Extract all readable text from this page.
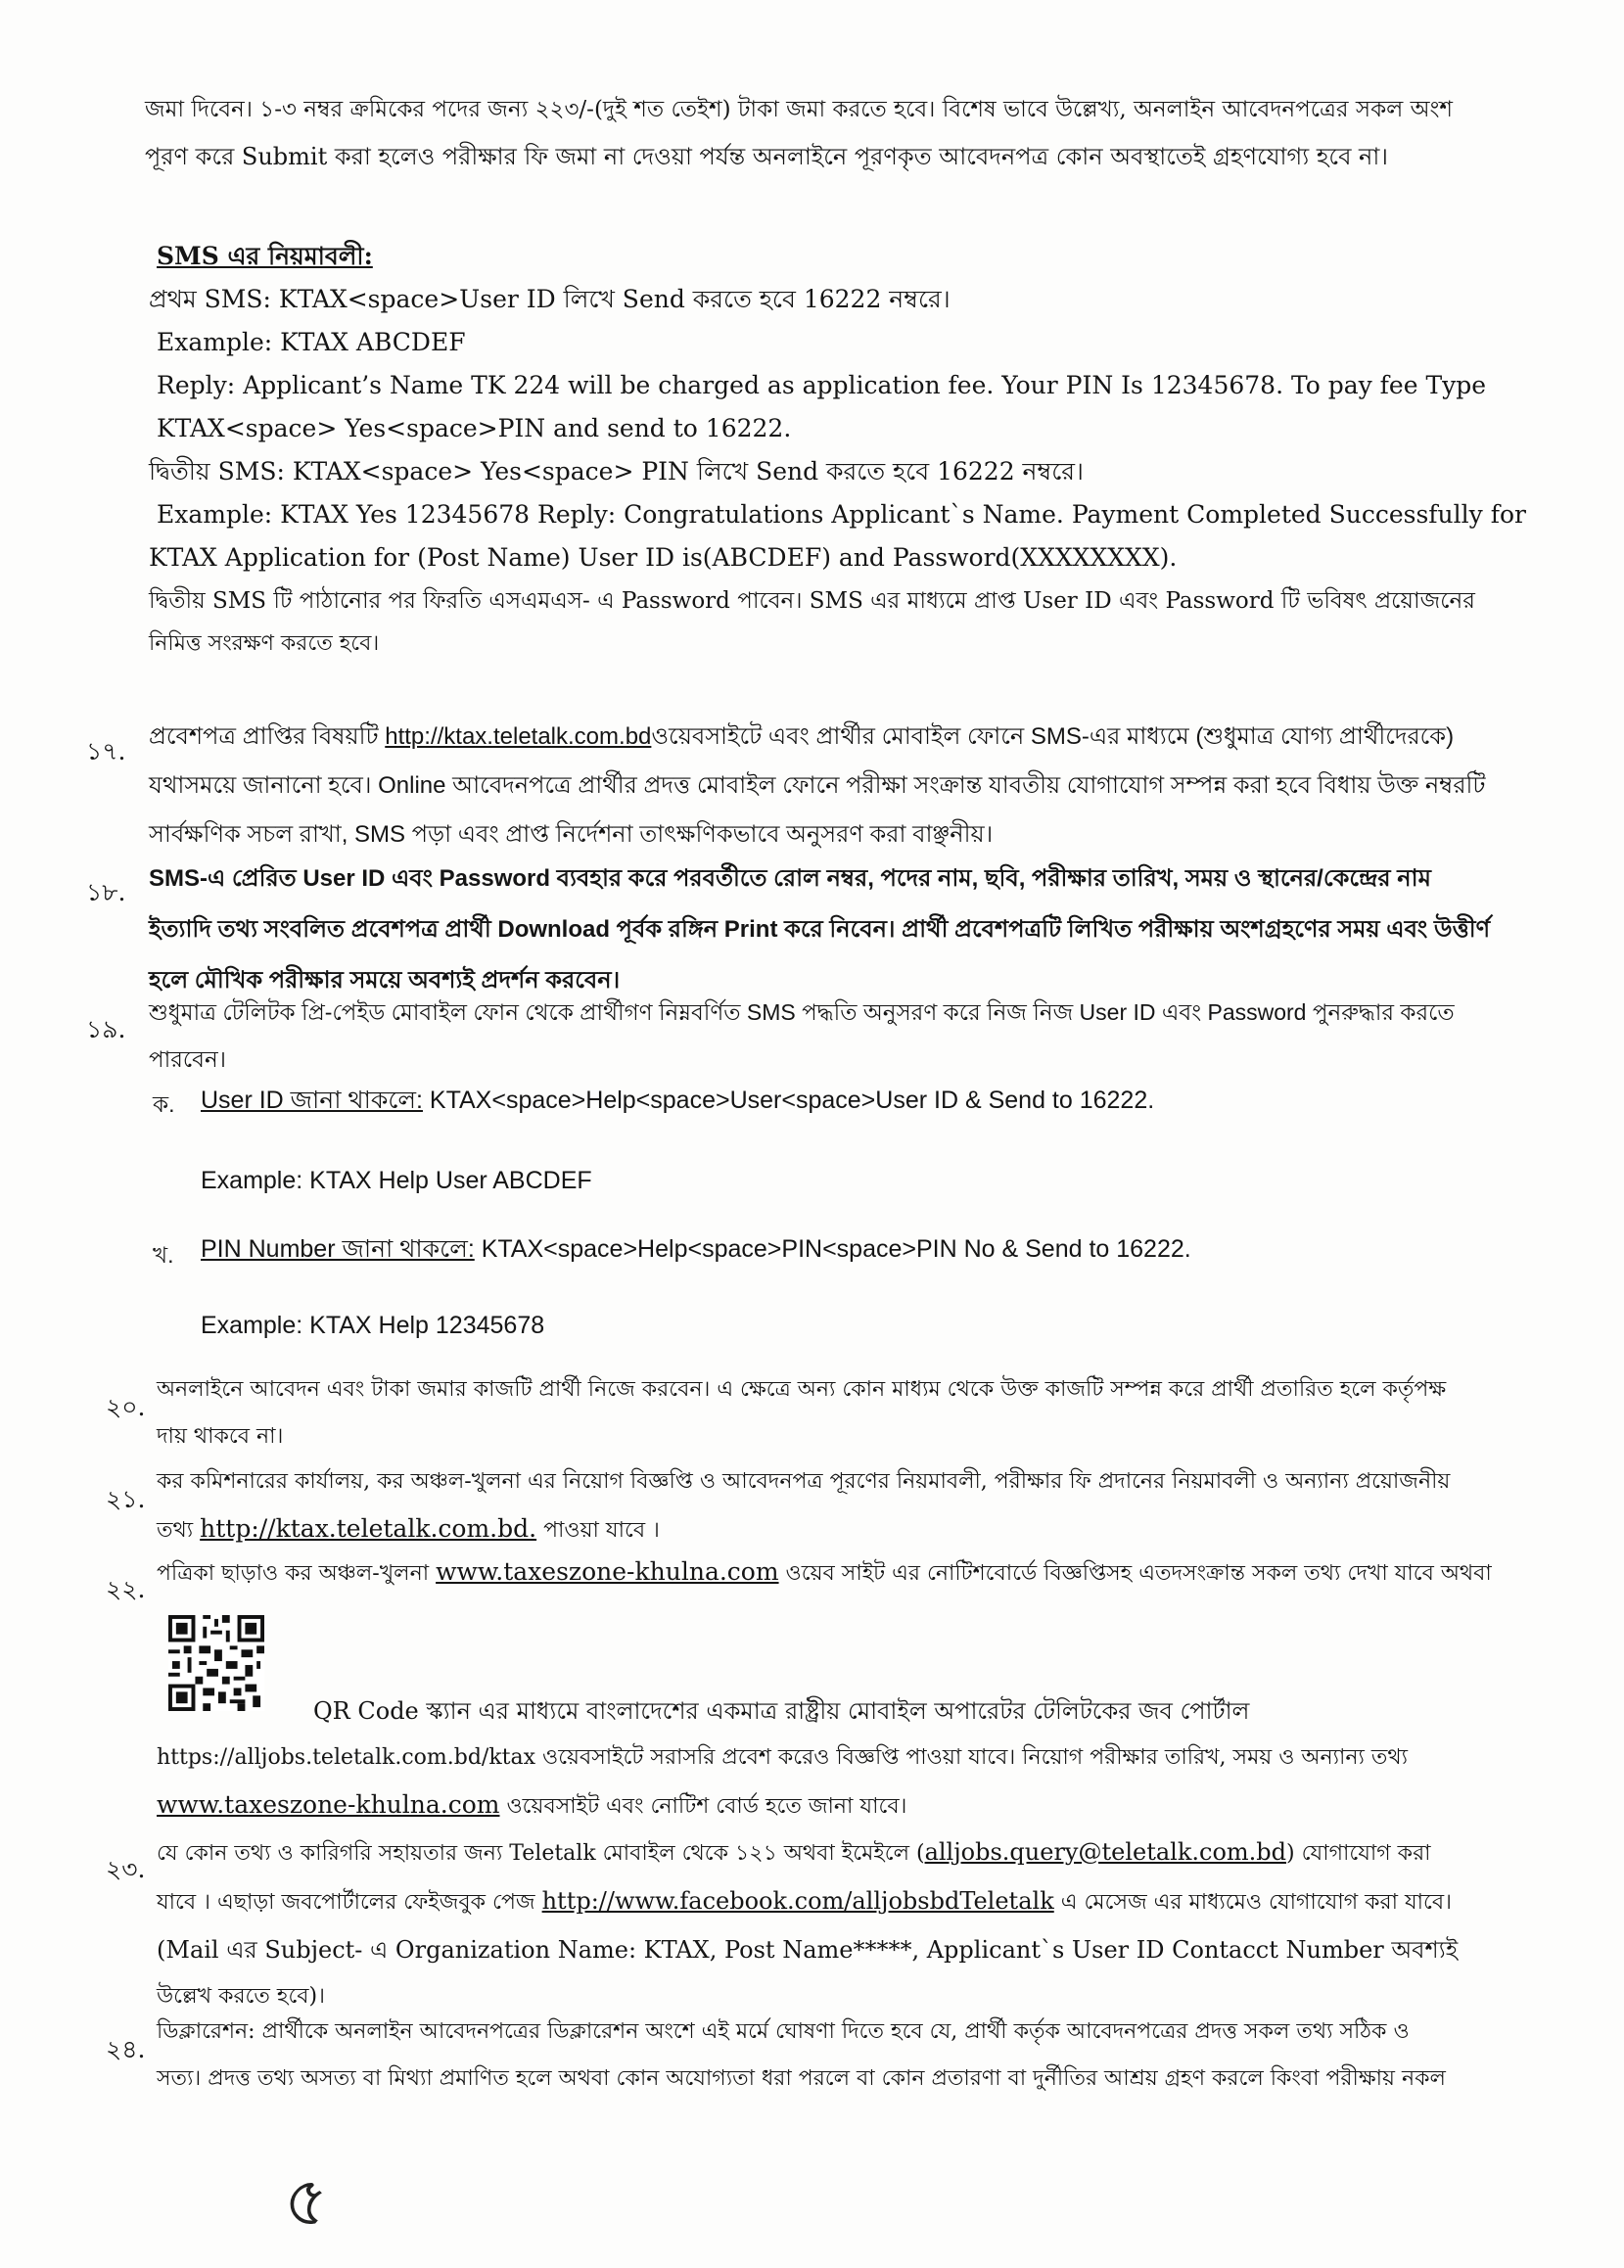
জমা দিবেন। ১-৩ নম্বর ক্রমিকের পদের জন্য ২২৩/-(দুই শত তেইশ) টাকা জমা করতে হবে। বিশেষ ভাবে উল্লেখ্য, অনলাইন আবেদনপত্রের সকল অংশ
পূরণ করে Submit করা হলেও পরীক্ষার ফি জমা না দেওয়া পর্যন্ত অনলাইনে পূরণকৃত আবেদনপত্র কোন অবস্থাতেই গ্রহণযোগ্য হবে না।
SMS এর নিয়মাবলী:
প্রথম SMS: KTAX<space>User ID লিখে Send করতে হবে 16222 নম্বরে।
Example: KTAX ABCDEF
Reply: Applicant’s Name TK 224 will be charged as application fee. Your PIN Is 12345678. To pay fee Type
KTAX<space> Yes<space>PIN and send to 16222.
দ্বিতীয় SMS: KTAX<space> Yes<space> PIN লিখে Send করতে হবে 16222 নম্বরে।
Example: KTAX Yes 12345678 Reply: Congratulations Applicant`s Name. Payment Completed Successfully for
KTAX Application for (Post Name) User ID is(ABCDEF) and Password(XXXXXXXX).
দ্বিতীয় SMS টি পাঠানোর পর ফিরতি এসএমএস- এ Password পাবেন। SMS এর মাধ্যমে প্রাপ্ত User ID এবং Password টি ভবিষৎ প্রয়োজনের
নিমিত্ত সংরক্ষণ করতে হবে।
১৭.
প্রবেশপত্র প্রাপ্তির বিষয়টি http://ktax.teletalk.com.bdওয়েবসাইটে এবং প্রার্থীর মোবাইল ফোনে SMS-এর মাধ্যমে (শুধুমাত্র যোগ্য প্রার্থীদেরকে)
যথাসময়ে জানানো হবে। Online আবেদনপত্রে প্রার্থীর প্রদত্ত মোবাইল ফোনে পরীক্ষা সংক্রান্ত যাবতীয় যোগাযোগ সম্পন্ন করা হবে বিধায় উক্ত নম্বরটি
সার্বক্ষণিক সচল রাখা, SMS পড়া এবং প্রাপ্ত নির্দেশনা তাৎক্ষণিকভাবে অনুসরণ করা বাঞ্ছনীয়।
১৮. SMS-এ প্রেরিত User ID এবং Password ব্যবহার করে পরবর্তীতে রোল নম্বর, পদের নাম, ছবি, পরীক্ষার তারিখ, সময় ও স্থানের/কেন্দ্রের নাম
ইত্যাদি তথ্য সংবলিত প্রবেশপত্র প্রার্থী Download পূর্বক রঙ্গিন Print করে নিবেন। প্রার্থী প্রবেশপত্রটি লিখিত পরীক্ষায় অংশগ্রহণের সময় এবং উত্তীর্ণ
হলে মৌখিক পরীক্ষার সময়ে অবশ্যই প্রদর্শন করবেন।
১৯.
শুধুমাত্র টেলিটক প্রি-পেইড মোবাইল ফোন থেকে প্রার্থীগণ নিম্নবর্ণিত SMS পদ্ধতি অনুসরণ করে নিজ নিজ User ID এবং Password পুনরুদ্ধার করতে
পারবেন।
ক. User ID জানা থাকলে: KTAX<space>Help<space>User<space>User ID & Send to 16222.
Example: KTAX Help User ABCDEF
খ. PIN Number জানা থাকলে: KTAX<space>Help<space>PIN<space>PIN No & Send to 16222.
Example: KTAX Help 12345678
২০.
অনলাইনে আবেদন এবং টাকা জমার কাজটি প্রার্থী নিজে করবেন। এ ক্ষেত্রে অন্য কোন মাধ্যম থেকে উক্ত কাজটি সম্পন্ন করে প্রার্থী প্রতারিত হলে কর্তৃপক্ষ
দায় থাকবে না।
২১.
কর কমিশনারের কার্যালয়, কর অঞ্চল-খুলনা এর নিয়োগ বিজ্ঞপ্তি ও আবেদনপত্র পূরণের নিয়মাবলী, পরীক্ষার ফি প্রদানের নিয়মাবলী ও অন্যান্য প্রয়োজনীয়
তথ্য http://ktax.teletalk.com.bd. পাওয়া যাবে ।
২২.
পত্রিকা ছাড়াও কর অঞ্চল-খুলনা www.taxeszone-khulna.com ওয়েব সাইট এর নোটিশবোর্ডে বিজ্ঞপ্তিসহ এতদসংক্রান্ত সকল তথ্য দেখা যাবে অথবা
QR Code স্ক্যান এর মাধ্যমে বাংলাদেশের একমাত্র রাষ্ট্রীয় মোবাইল অপারেটর টেলিটকের জব পোর্টাল
https://alljobs.teletalk.com.bd/ktax ওয়েবসাইটে সরাসরি প্রবেশ করেও বিজ্ঞপ্তি পাওয়া যাবে। নিয়োগ পরীক্ষার তারিখ, সময় ও অন্যান্য তথ্য
www.taxeszone-khulna.com ওয়েবসাইট এবং নোটিশ বোর্ড হতে জানা যাবে।
২৩.
যে কোন তথ্য ও কারিগরি সহায়তার জন্য Teletalk মোবাইল থেকে ১২১ অথবা ইমেইলে (alljobs.query@teletalk.com.bd) যোগাযোগ করা
যাবে । এছাড়া জবপোর্টালের ফেইজবুক পেজ http://www.facebook.com/alljobsbdTeletalk এ মেসেজ এর মাধ্যমেও যোগাযোগ করা যাবে।
(Mail এর Subject- এ Organization Name: KTAX, Post Name*****, Applicant`s User ID Contacct Number অবশ্যই
উল্লেখ করতে হবে)।
২৪.
ডিক্লারেশন: প্রার্থীকে অনলাইন আবেদনপত্রের ডিক্লারেশন অংশে এই মর্মে ঘোষণা দিতে হবে যে, প্রার্থী কর্তৃক আবেদনপত্রের প্রদত্ত সকল তথ্য সঠিক ও
সত্য। প্রদত্ত তথ্য অসত্য বা মিথ্যা প্রমাণিত হলে অথবা কোন অযোগ্যতা ধরা পরলে বা কোন প্রতারণা বা দুর্নীতির আশ্রয় গ্রহণ করলে কিংবা পরীক্ষায় নকল
৫
